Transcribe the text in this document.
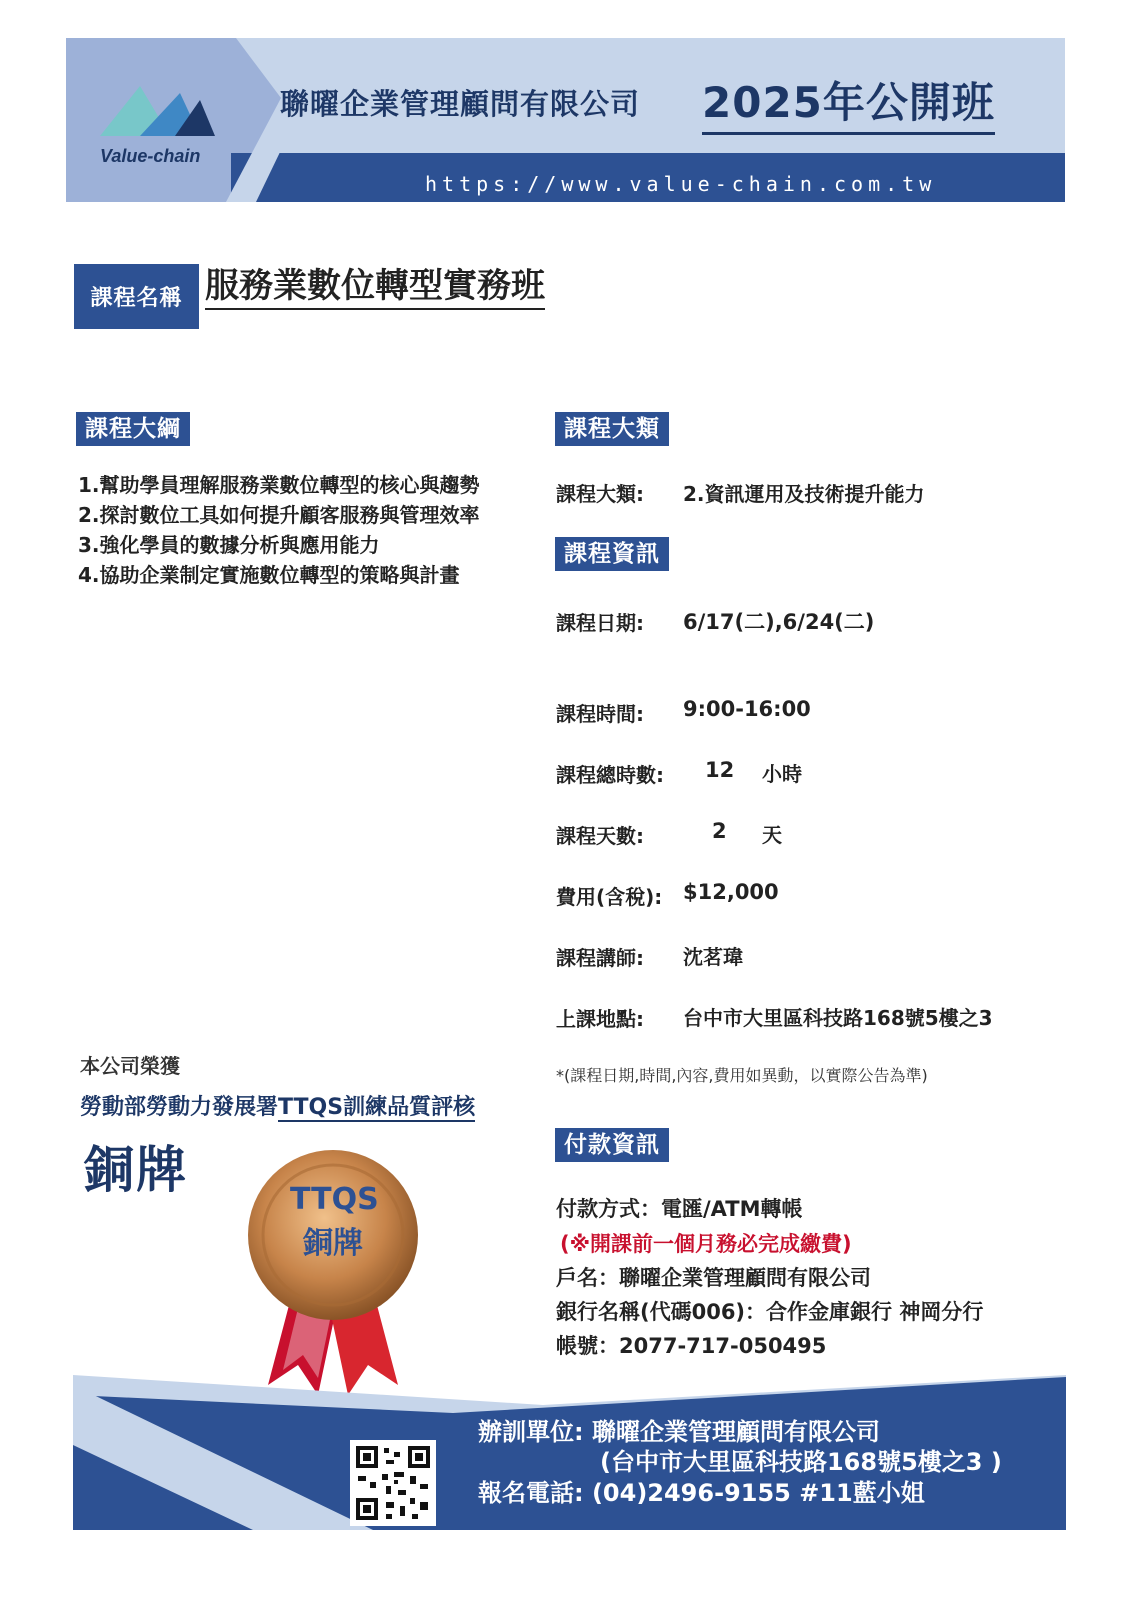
Value-chain
聯曜企業管理顧問有限公司 2025年公開班
https://www.value-chain.com.tw
課程名稱 服務業數位轉型實務班
課程大綱
1.幫助學員理解服務業數位轉型的核心與趨勢
2.探討數位工具如何提升顧客服務與管理效率
3.強化學員的數據分析與應用能力
4.協助企業制定實施數位轉型的策略與計畫
課程大類
課程大類: 2.資訊運用及技術提升能力
課程資訊
課程日期: 6/17(二),6/24(二)
課程時間: 9:00-16:00
課程總時數: 12 小時
課程天數:	2 天
費用(含稅): $12,000
課程講師: 沈茗瑋
上課地點: 台中市大里區科技路168號5樓之3
*(課程日期,時間,內容,費用如異動，以實際公告為準)
本公司榮獲
勞動部勞動力發展署TTQS訓練品質評核
銅牌
TTQS
銅牌
付款資訊
付款方式：電匯/ATM轉帳
(※開課前一個月務必完成繳費)
戶名：聯曜企業管理顧問有限公司
銀行名稱(代碼006)：合作金庫銀行 神岡分行
帳號：2077-717-050495
辦訓單位: 聯曜企業管理顧問有限公司
(台中市大里區科技路168號5樓之3 )
報名電話: (04)2496-9155 #11藍小姐
